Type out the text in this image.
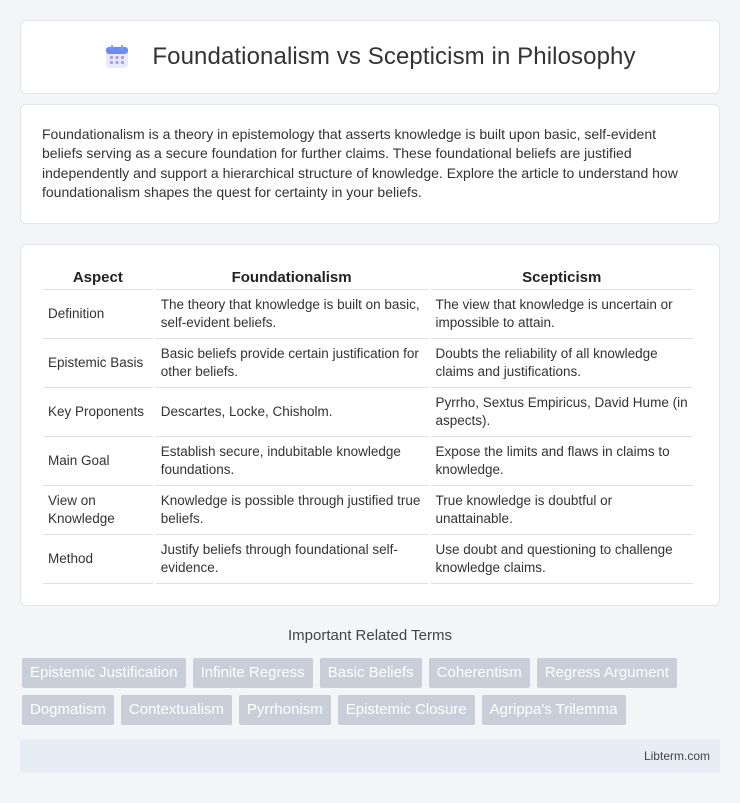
Foundationalism vs Scepticism in Philosophy

Foundationalism is a theory in epistemology that asserts knowledge is built upon basic, self-evident beliefs serving as a secure foundation for further claims. These foundational beliefs are justified independently and support a hierarchical structure of knowledge. Explore the article to understand how foundationalism shapes the quest for certainty in your beliefs.

Aspect	Foundationalism	Scepticism
Definition	The theory that knowledge is built on basic, self-evident beliefs.	The view that knowledge is uncertain or impossible to attain.
Epistemic Basis	Basic beliefs provide certain justification for other beliefs.	Doubts the reliability of all knowledge claims and justifications.
Key Proponents	Descartes, Locke, Chisholm.	Pyrrho, Sextus Empiricus, David Hume (in aspects).
Main Goal	Establish secure, indubitable knowledge foundations.	Expose the limits and flaws in claims to knowledge.
View on Knowledge	Knowledge is possible through justified true beliefs.	True knowledge is doubtful or unattainable.
Method	Justify beliefs through foundational self-evidence.	Use doubt and questioning to challenge knowledge claims.
Important Related Terms
Epistemic Justification	Infinite Regress	Basic Beliefs	Coherentism	Regress Argument
Dogmatism	Contextualism	Pyrrhonism	Epistemic Closure	Agrippa's Trilemma
Libterm.com
